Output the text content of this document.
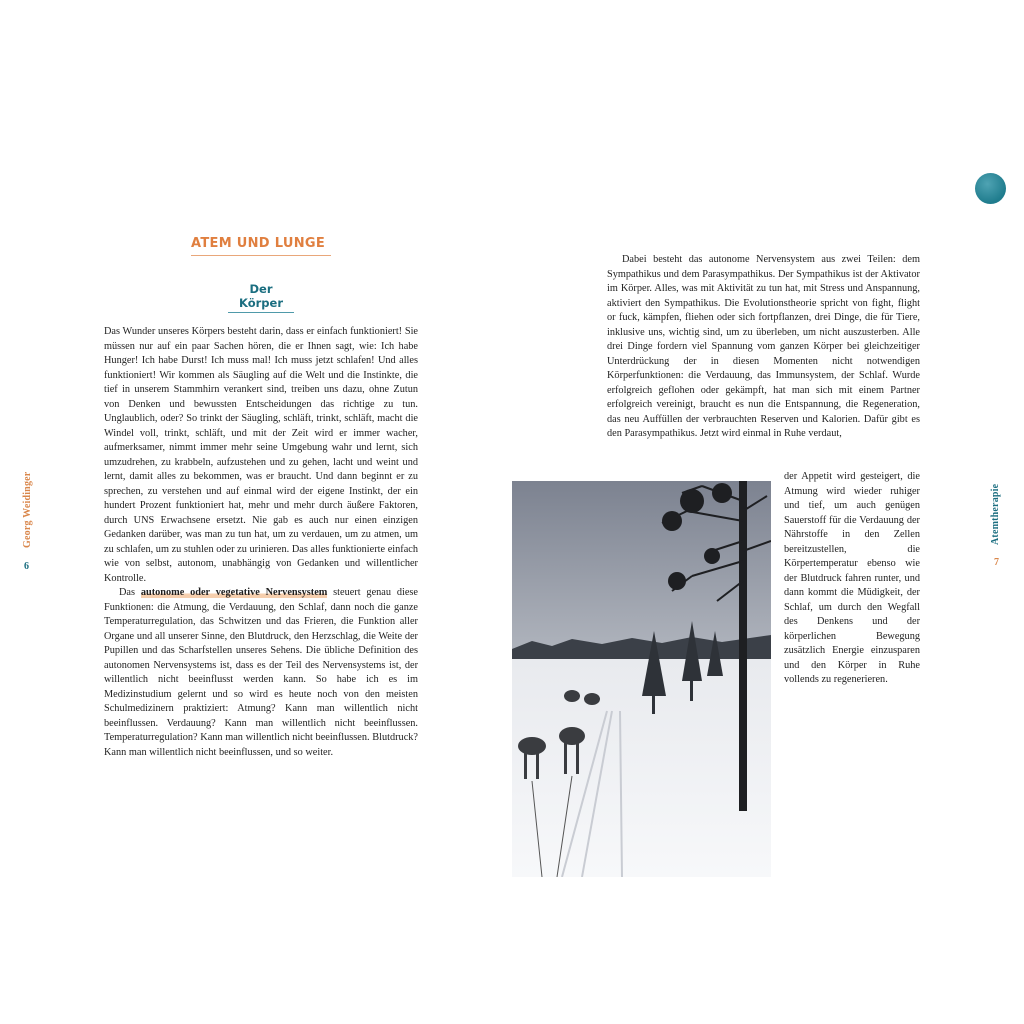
Georg Weidinger
6
ATEM UND LUNGE
Der Körper

Das Wunder unseres Körpers besteht darin, dass er einfach funktioniert! Sie müssen nur auf ein paar Sachen hören, die er Ihnen sagt, wie: Ich habe Hunger! Ich habe Durst! Ich muss mal! Ich muss jetzt schlafen! Und alles funktioniert! Wir kommen als Säugling auf die Welt und die Instinkte, die tief in unserem Stammhirn verankert sind, treiben uns dazu, ohne Zutun von Denken und bewussten Entscheidungen das richtige zu tun. Unglaublich, oder? So trinkt der Säugling, schläft, trinkt, schläft, macht die Windel voll, trinkt, schläft, und mit der Zeit wird er immer wacher, aufmerksamer, nimmt immer mehr seine Umgebung wahr und lernt, sich umzudrehen, zu krabbeln, aufzustehen und zu gehen, lacht und weint und lernt, damit alles zu bekommen, was er braucht. Und dann beginnt er zu sprechen, zu verstehen und auf einmal wird der eigene Instinkt, der ein hundert Prozent funktioniert hat, mehr und mehr durch äußere Faktoren, durch UNS Erwachsene ersetzt. Nie gab es auch nur einen einzigen Gedanken darüber, was man zu tun hat, um zu verdauen, um zu atmen, um zu schlafen, um zu stuhlen oder zu urinieren. Das alles funktionierte einfach wie von selbst, autonom, unabhängig von Gedanken und willentlicher Kontrolle.

Das autonome oder vegetative Nervensystem steuert genau diese Funktionen: die Atmung, die Verdauung, den Schlaf, dann noch die ganze Temperaturregulation, das Schwitzen und das Frieren, die Funktion aller Organe und all unserer Sinne, den Blutdruck, den Herzschlag, die Weite der Pupillen und das Scharfstellen unseres Sehens. Die übliche Definition des autonomen Nervensystems ist, dass es der Teil des Nervensystems ist, der willentlich nicht beeinflusst werden kann. So habe ich es im Medizinstudium gelernt und so wird es heute noch von den meisten Schulmedizinern praktiziert: Atmung? Kann man willentlich nicht beeinflussen. Verdauung? Kann man willentlich nicht beeinflussen. Temperaturregulation? Kann man willentlich nicht beeinflussen. Blutdruck? Kann man willentlich nicht beeinflussen, und so weiter.

Atemtherapie
7

Dabei besteht das autonome Nervensystem aus zwei Teilen: dem Sympathikus und dem Parasympathikus. Der Sympathikus ist der Aktivator im Körper. Alles, was mit Aktivität zu tun hat, mit Stress und Anspannung, aktiviert den Sympathikus. Die Evolutionstheorie spricht von fight, flight or fuck, kämpfen, fliehen oder sich fortpflanzen, drei Dinge, die für Tiere, inklusive uns, wichtig sind, um zu überleben, um nicht auszusterben. Alle drei Dinge fordern viel Spannung vom ganzen Körper bei gleichzeitiger Unterdrückung der in diesen Momenten nicht notwendigen Körperfunktionen: die Verdauung, das Immunsystem, der Schlaf. Wurde erfolgreich geflohen oder gekämpft, hat man sich mit einem Partner erfolgreich vereinigt, braucht es nun die Entspannung, die Regeneration, das neu Auffüllen der verbrauchten Reserven und Kalorien. Dafür gibt es den Parasympathikus. Jetzt wird einmal in Ruhe verdaut,

der Appetit wird gesteigert, die Atmung wird wieder ruhiger und tief, um auch genügen Sauerstoff für die Verdauung der Nährstoffe in den Zellen bereitzustellen, die Körpertemperatur ebenso wie der Blutdruck fahren runter, und dann kommt die Müdigkeit, der Schlaf, um durch den Wegfall des Denkens und der körperlichen Bewegung zusätzlich Energie einzusparen und den Körper in Ruhe vollends zu regenerieren.
